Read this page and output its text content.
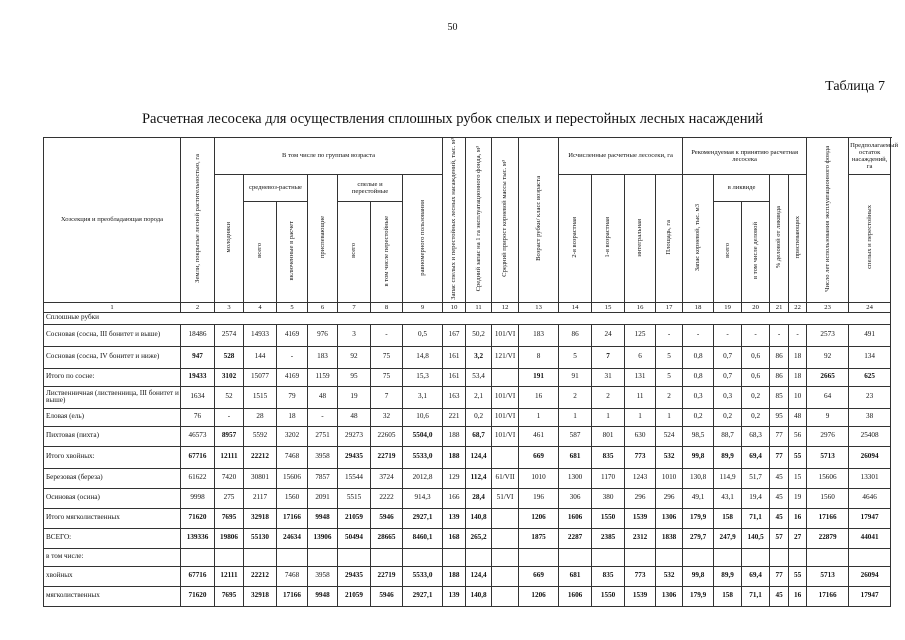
50
Таблица 7
Расчетная лесосека для осуществления сплошных рубок спелых и перестойных лесных насаждений
Хозсекция и преобладающая порода	Земли, покрытые лесной растительностью, га	В том числе по группам возраста							Запас спелых и перестойных лесных насаждений, тыс. м³	Средний запас на 1 га эксплуатационного фонда, м³	Средний прирост корневой массы тыс. м³	Возраст рубки/ класс возраста	Исчисленные расчетные лесосеки, га				Рекомендуемая к принятию расчетная лесосека					Число лет использования эксплуатационного фонда	Предполагаемый остаток насаждений, га	
		молодняки	средневоз-растные		приспевающие	спелые и перестойные		равномерного пользования					2-я возрастная	1-я возрастная	интегральная	Площадь, га	Запас корневой, тыс. м3	в ликвиде		% деловой от ликвида	приспевающих		спелых и перестойных	
			всего	включенные в расчет		всего	в том числе перестойные											всего	в том числе деловой					
1	2	3	4	5	6	7	8	9	10	11	12	13	14	15	16	17	18	19	20	21	22	23	24	
Сплошные рубки																								
Сосновая (сосна, III бонитет и выше)	18486	2574	14933	4169	976	3	-	0,5	167	50,2	101/VI	183	86	24	125	-	-	-	-	-	-	2573	491	
Сосновая (сосна, IV бонитет и ниже)	947	528	144	-	183	92	75	14,8	161	3,2	121/VI	8	5	7	6	5	0,8	0,7	0,6	86	18	92	134	
Итого по сосне:	19433	3102	15077	4169	1159	95	75	15,3	161	53,4		191	91	31	131	5	0,8	0,7	0,6	86	18	2665	625	
Лиственничная (лиственница, III бонитет и выше)	1634	52	1515	79	48	19	7	3,1	163	2,1	101/VI	16	2	2	11	2	0,3	0,3	0,2	85	10	64	23	
Еловая (ель)	76	-	28	18	-	48	32	10,6	221	0,2	101/VI	1	1	1	1	1	0,2	0,2	0,2	95	48	9	38	
Пихтовая (пихта)	46573	8957	5592	3202	2751	29273	22605	5504,0	188	68,7	101/VI	461	587	801	630	524	98,5	88,7	68,3	77	56	2976	25408	
Итого хвойных:	67716	12111	22212	7468	3958	29435	22719	5533,0	188	124,4		669	681	835	773	532	99,8	89,9	69,4	77	55	5713	26094	
Березовая (береза)	61622	7420	30801	15606	7857	15544	3724	2012,8	129	112,4	61/VII	1010	1300	1170	1243	1010	130,8	114,9	51,7	45	15	15606	13301	
Осиновая (осина)	9998	275	2117	1560	2091	5515	2222	914,3	166	28,4	51/VI	196	306	380	296	296	49,1	43,1	19,4	45	19	1560	4646	
Итого мягколиственных	71620	7695	32918	17166	9948	21059	5946	2927,1	139	140,8		1206	1606	1550	1539	1306	179,9	158	71,1	45	16	17166	17947	
ВСЕГО:	139336	19806	55130	24634	13906	50494	28665	8460,1	168	265,2		1875	2287	2385	2312	1838	279,7	247,9	140,5	57	27	22879	44041	
в том числе:																								
хвойных	67716	12111	22212	7468	3958	29435	22719	5533,0	188	124,4		669	681	835	773	532	99,8	89,9	69,4	77	55	5713	26094	
мягколиственных	71620	7695	32918	17166	9948	21059	5946	2927,1	139	140,8		1206	1606	1550	1539	1306	179,9	158	71,1	45	16	17166	17947	
